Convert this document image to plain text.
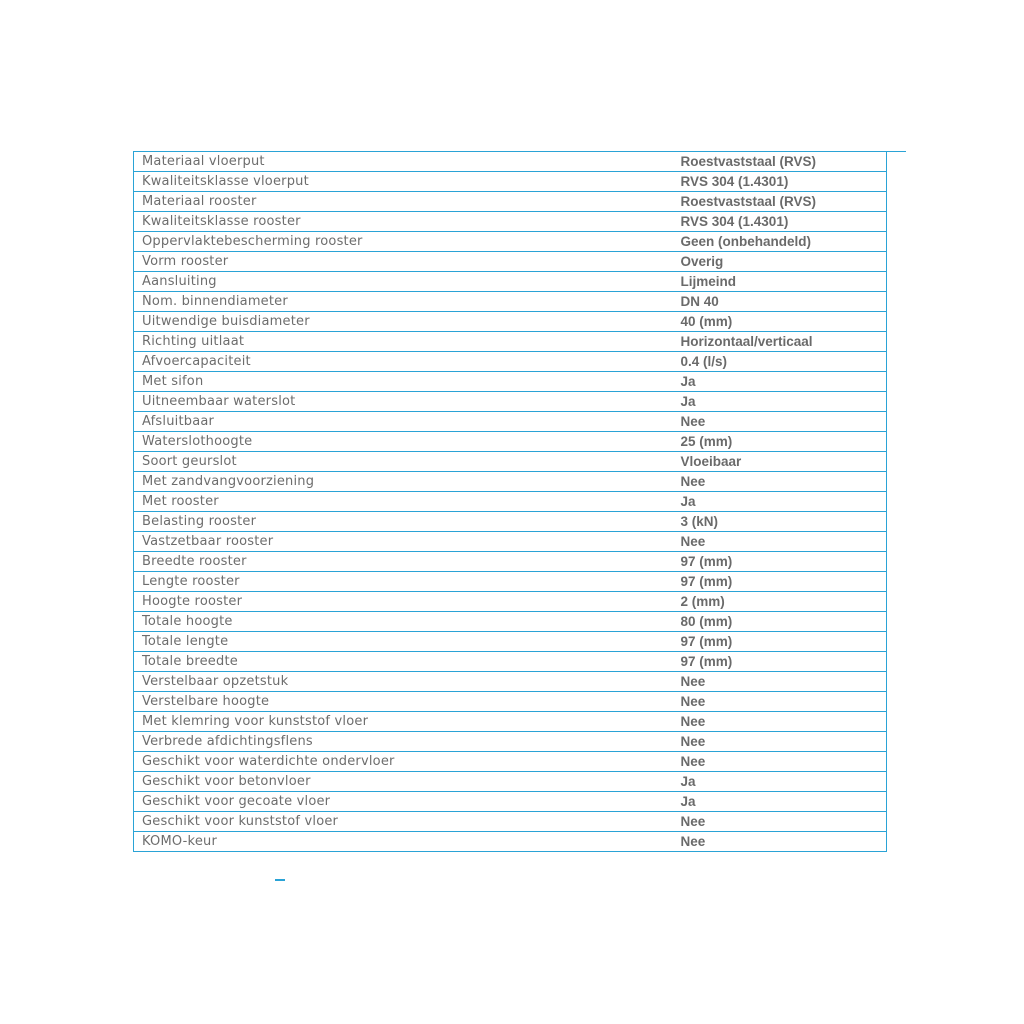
Materiaal vloerput	Roestvaststaal (RVS)
Kwaliteitsklasse vloerput	RVS 304 (1.4301)
Materiaal rooster	Roestvaststaal (RVS)
Kwaliteitsklasse rooster	RVS 304 (1.4301)
Oppervlaktebescherming rooster	Geen (onbehandeld)
Vorm rooster	Overig
Aansluiting	Lijmeind
Nom. binnendiameter	DN 40
Uitwendige buisdiameter	40 (mm)
Richting uitlaat	Horizontaal/verticaal
Afvoercapaciteit	0.4 (l/s)
Met sifon	Ja
Uitneembaar waterslot	Ja
Afsluitbaar	Nee
Waterslothoogte	25 (mm)
Soort geurslot	Vloeibaar
Met zandvangvoorziening	Nee
Met rooster	Ja
Belasting rooster	3 (kN)
Vastzetbaar rooster	Nee
Breedte rooster	97 (mm)
Lengte rooster	97 (mm)
Hoogte rooster	2 (mm)
Totale hoogte	80 (mm)
Totale lengte	97 (mm)
Totale breedte	97 (mm)
Verstelbaar opzetstuk	Nee
Verstelbare hoogte	Nee
Met klemring voor kunststof vloer	Nee
Verbrede afdichtingsflens	Nee
Geschikt voor waterdichte ondervloer	Nee
Geschikt voor betonvloer	Ja
Geschikt voor gecoate vloer	Ja
Geschikt voor kunststof vloer	Nee
KOMO-keur	Nee
